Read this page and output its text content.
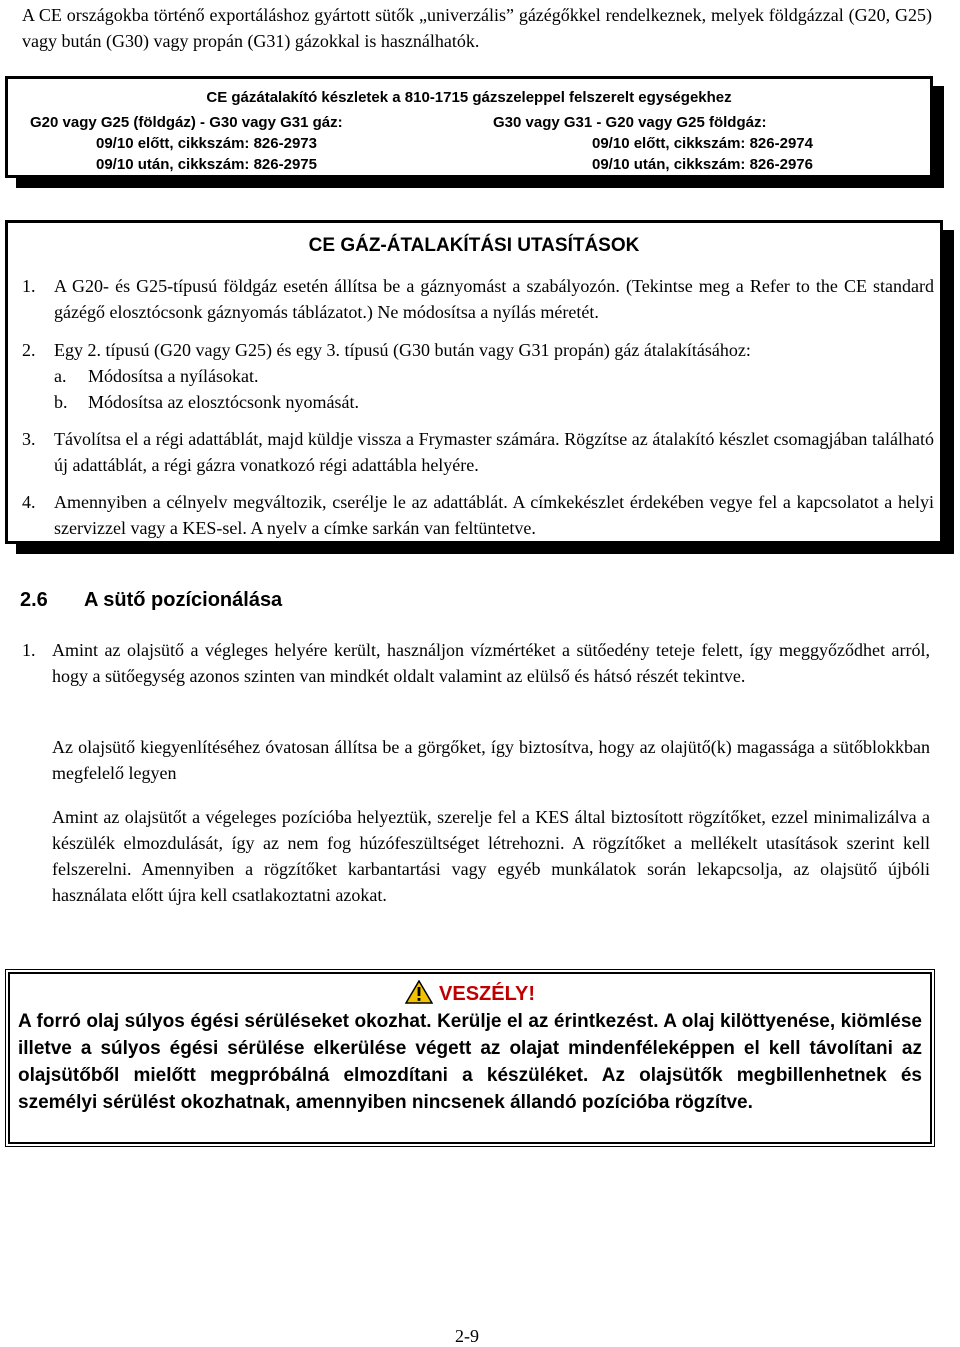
A CE országokba történő exportáláshoz gyártott sütők „univerzális” gázégőkkel rendelkeznek, melyek földgázzal (G20, G25) vagy bután (G30) vagy propán (G31) gázokkal is használhatók.

CE gázátalakító készletek a 810-1715 gázszeleppel felszerelt egységekhez
G20 vagy G25 (földgáz) - G30 vagy G31 gáz:
09/10 előtt, cikkszám: 826-2973
09/10 után, cikkszám: 826-2975
G30 vagy G31 - G20 vagy G25 földgáz:
09/10 előtt, cikkszám: 826-2974
09/10 után, cikkszám: 826-2976
CE GÁZ-ÁTALAKÍTÁSI UTASÍTÁSOK
1. A G20- és G25-típusú földgáz esetén állítsa be a gáznyomást a szabályozón. (Tekintse meg a Refer to the CE standard gázégő elosztócsonk gáznyomás táblázatot.) Ne módosítsa a nyílás méretét.
2. Egy 2. típusú (G20 vagy G25) és egy 3. típusú (G30 bután vagy G31 propán) gáz átalakításához:
a. Módosítsa a nyílásokat.
b. Módosítsa az elosztócsonk nyomását.
3. Távolítsa el a régi adattáblát, majd küldje vissza a Frymaster számára. Rögzítse az átalakító készlet csomagjában található új adattáblát, a régi gázra vonatkozó régi adattábla helyére.
4. Amennyiben a célnyelv megváltozik, cserélje le az adattáblát. A címkekészlet érdekében vegye fel a kapcsolatot a helyi szervizzel vagy a KES-sel. A nyelv a címke sarkán van feltüntetve.
2.6 A sütő pozícionálása
1. Amint az olajsütő a végleges helyére került, használjon vízmértéket a sütőedény teteje felett, így meggyőződhet arról, hogy a sütőegység azonos szinten van mindkét oldalt valamint az elülső és hátsó részét tekintve.
Az olajsütő kiegyenlítéséhez óvatosan állítsa be a görgőket, így biztosítva, hogy az olajütő(k) magassága a sütőblokkban megfelelő legyen
Amint az olajsütőt a végeleges pozícióba helyeztük, szerelje fel a KES által biztosított rögzítőket, ezzel minimalizálva a készülék elmozdulását, így az nem fog húzófeszültséget létrehozni. A rögzítőket a mellékelt utasítások szerint kell felszerelni. Amennyiben a rögzítőket karbantartási vagy egyéb munkálatok során lekapcsolja, az olajsütő újbóli használata előtt újra kell csatlakoztatni azokat.
VESZÉLY!
A forró olaj súlyos égési sérüléseket okozhat. Kerülje el az érintkezést. A olaj kilöttyenése, kiömlése illetve a súlyos égési sérülése elkerülése végett az olajat mindenféleképpen el kell távolítani az olajsütőből mielőtt megpróbálná elmozdítani a készüléket. Az olajsütők megbillenhetnek és személyi sérülést okozhatnak, amennyiben nincsenek állandó pozícióba rögzítve.
2-9
